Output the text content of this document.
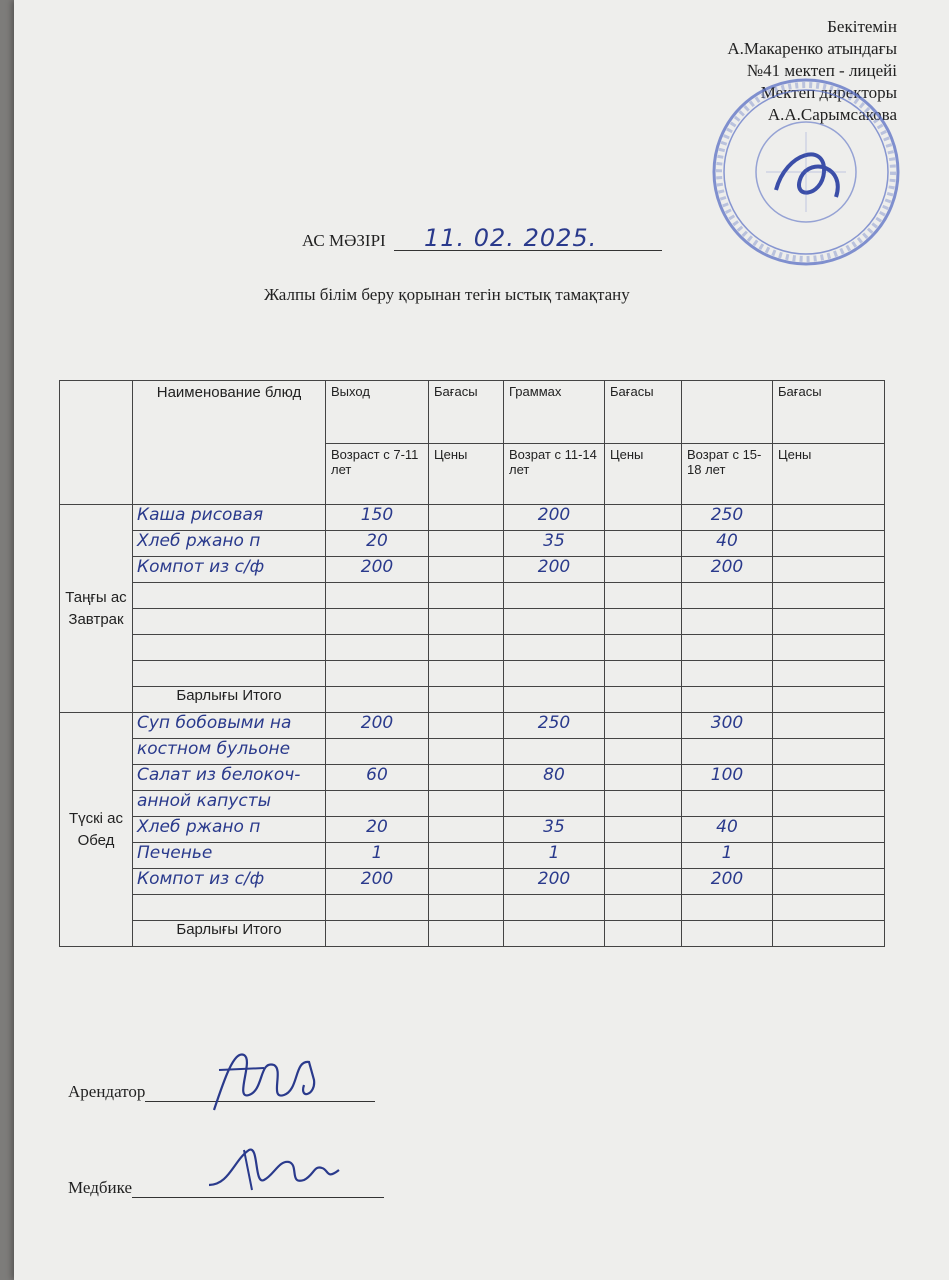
Бекітемін
А.Макаренко атындағы
№41 мектеп - лицейі
Мектеп директоры
А.А.Сарымсакова
АС МӘЗІРІ 11. 02. 2025.
Жалпы білім беру қорынан тегін ыстық тамақтану
	Наименование блюд	Выход	Бағасы	Граммах	Бағасы		Бағасы
		Возраст с 7-11 лет	Цены	Возрат с 11-14 лет	Цены	Возрат с 15-18 лет	Цены
Таңғы ас Завтрак	Каша рисовая	150		200		250	
	Хлеб ржано п	20		35		40	
	Компот из с/ф	200		200		200	

	Барлығы Итого						
Түскі ас Обед	Суп бобовыми на	200		250		300	
	костном бульоне						
	Салат из белокоч-	60		80		100	
	анной капусты						
	Хлеб ржано п	20		35		40	
	Печенье	1		1		1	
	Компот из с/ф	200		200		200	

	Барлығы Итого						
Арендатор
Медбике
